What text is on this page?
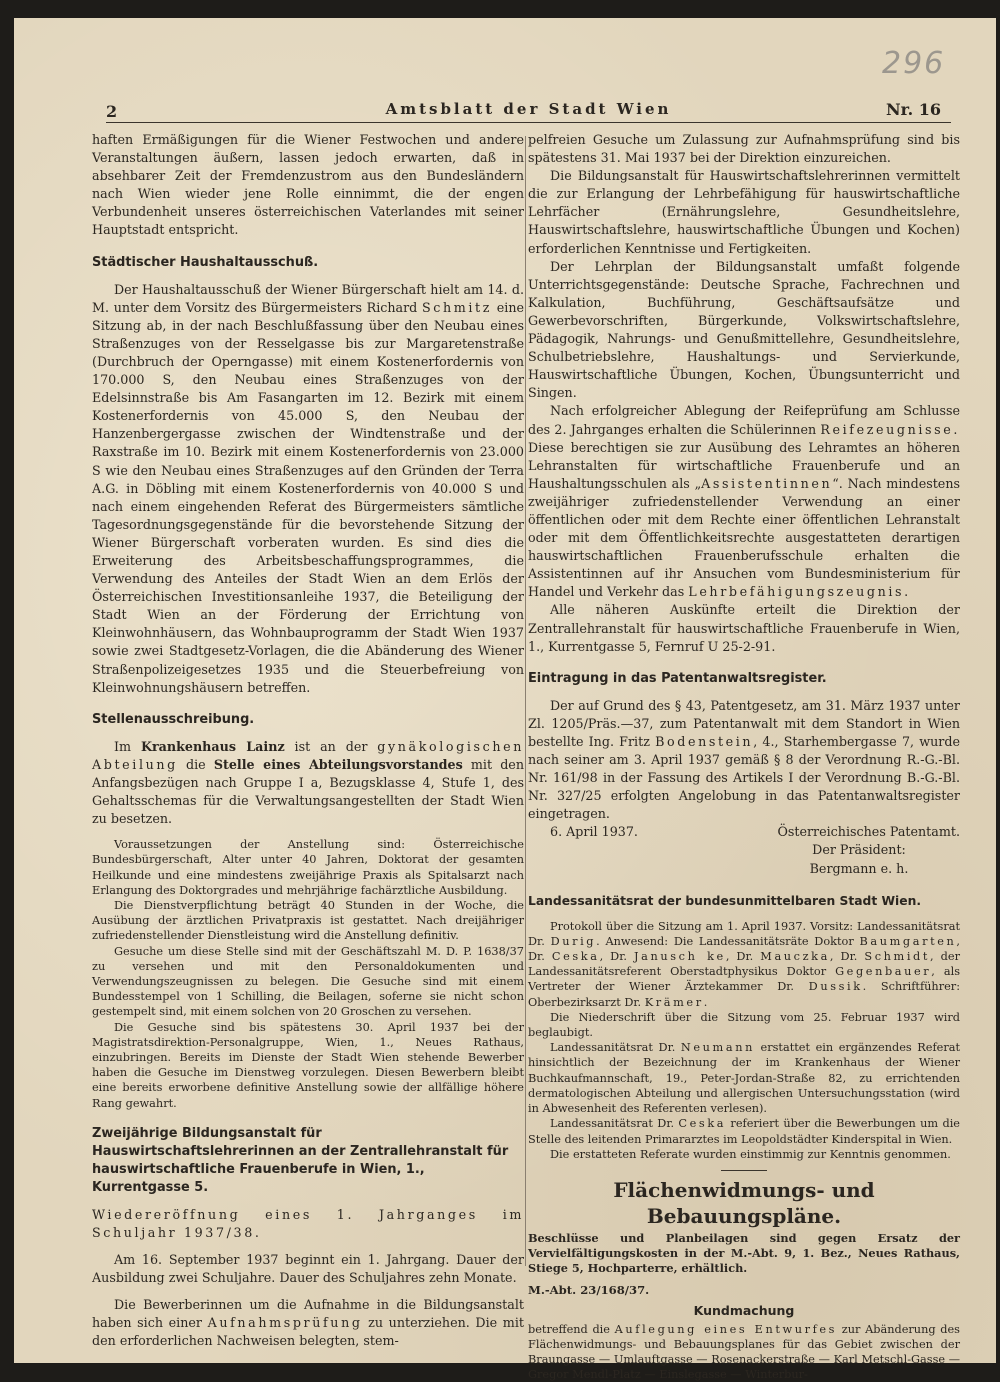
296
2	Amtsblatt der Stadt Wien	Nr. 16

haften Ermäßigungen für die Wiener Festwochen und andere Veranstaltungen äußern, lassen jedoch erwarten, daß in absehbarer Zeit der Fremdenzustrom aus den Bundesländern nach Wien wieder jene Rolle einnimmt, die der engen Verbundenheit unseres österreichischen Vaterlandes mit seiner Hauptstadt entspricht.

Städtischer Haushaltausschuß.

Der Haushaltausschuß der Wiener Bürgerschaft hielt am 14. d. M. unter dem Vorsitz des Bürgermeisters Richard Schmitz eine Sitzung ab, in der nach Beschlußfassung über den Neubau eines Straßenzuges von der Resselgasse bis zur Margaretenstraße (Durchbruch der Operngasse) mit einem Kostenerfordernis von 170.000 S, den Neubau eines Straßenzuges von der Edelsinnstraße bis Am Fasangarten im 12. Bezirk mit einem Kostenerfordernis von 45.000 S, den Neubau der Hanzenbergergasse zwischen der Windtenstraße und der Raxstraße im 10. Bezirk mit einem Kostenerfordernis von 23.000 S wie den Neubau eines Straßenzuges auf den Gründen der Terra A.G. in Döbling mit einem Kostenerfordernis von 40.000 S und nach einem eingehenden Referat des Bürgermeisters sämtliche Tagesordnungsgegenstände für die bevorstehende Sitzung der Wiener Bürgerschaft vorberaten wurden. Es sind dies die Erweiterung des Arbeitsbeschaffungsprogrammes, die Verwendung des Anteiles der Stadt Wien an dem Erlös der Österreichischen Investitionsanleihe 1937, die Beteiligung der Stadt Wien an der Förderung der Errichtung von Kleinwohnhäusern, das Wohnbauprogramm der Stadt Wien 1937 sowie zwei Stadtgesetz-Vorlagen, die die Abänderung des Wiener Straßenpolizeigesetzes 1935 und die Steuerbefreiung von Kleinwohnungshäusern betreffen.

Stellenausschreibung.

Im Krankenhaus Lainz ist an der gynäkologischen Abteilung die Stelle eines Abteilungsvorstandes mit den Anfangsbezügen nach Gruppe I a, Bezugsklasse 4, Stufe 1, des Gehaltsschemas für die Verwaltungsangestellten der Stadt Wien zu besetzen.

Voraussetzungen der Anstellung sind: Österreichische Bundesbürgerschaft, Alter unter 40 Jahren, Doktorat der gesamten Heilkunde und eine mindestens zweijährige Praxis als Spitalsarzt nach Erlangung des Doktorgrades und mehrjährige fachärztliche Ausbildung.

Die Dienstverpflichtung beträgt 40 Stunden in der Woche, die Ausübung der ärztlichen Privatpraxis ist gestattet. Nach dreijähriger zufriedenstellender Dienstleistung wird die Anstellung definitiv.

Gesuche um diese Stelle sind mit der Geschäftszahl M. D. P. 1638/37 zu versehen und mit den Personaldokumenten und Verwendungszeugnissen zu belegen. Die Gesuche sind mit einem Bundesstempel von 1 Schilling, die Beilagen, soferne sie nicht schon gestempelt sind, mit einem solchen von 20 Groschen zu versehen.

Die Gesuche sind bis spätestens 30. April 1937 bei der Magistratsdirektion-Personalgruppe, Wien, 1., Neues Rathaus, einzubringen. Bereits im Dienste der Stadt Wien stehende Bewerber haben die Gesuche im Dienstweg vorzulegen. Diesen Bewerbern bleibt eine bereits erworbene definitive Anstellung sowie der allfällige höhere Rang gewahrt.

Zweijährige Bildungsanstalt für Hauswirtschaftslehrerinnen an der Zentrallehranstalt für hauswirtschaftliche Frauenberufe in Wien, 1., Kurrentgasse 5.

Wiedereröffnung eines 1. Jahrganges im Schuljahr 1937/38.

Am 16. September 1937 beginnt ein 1. Jahrgang. Dauer der Ausbildung zwei Schuljahre. Dauer des Schuljahres zehn Monate.

Die Bewerberinnen um die Aufnahme in die Bildungsanstalt haben sich einer Aufnahmsprüfung zu unterziehen. Die mit den erforderlichen Nachweisen belegten, stem-

pelfreien Gesuche um Zulassung zur Aufnahmsprüfung sind bis spätestens 31. Mai 1937 bei der Direktion einzureichen.

Die Bildungsanstalt für Hauswirtschaftslehrerinnen vermittelt die zur Erlangung der Lehrbefähigung für hauswirtschaftliche Lehrfächer (Ernährungslehre, Gesundheitslehre, Hauswirtschaftslehre, hauswirtschaftliche Übungen und Kochen) erforderlichen Kenntnisse und Fertigkeiten.

Der Lehrplan der Bildungsanstalt umfaßt folgende Unterrichtsgegenstände: Deutsche Sprache, Fachrechnen und Kalkulation, Buchführung, Geschäftsaufsätze und Gewerbevorschriften, Bürgerkunde, Volkswirtschaftslehre, Pädagogik, Nahrungs- und Genußmittellehre, Gesundheitslehre, Schulbetriebslehre, Haushaltungs- und Servierkunde, Hauswirtschaftliche Übungen, Kochen, Übungsunterricht und Singen.

Nach erfolgreicher Ablegung der Reifeprüfung am Schlusse des 2. Jahrganges erhalten die Schülerinnen Reifezeugnisse. Diese berechtigen sie zur Ausübung des Lehramtes an höheren Lehranstalten für wirtschaftliche Frauenberufe und an Haushaltungsschulen als „Assistentinnen“. Nach mindestens zweijähriger zufriedenstellender Verwendung an einer öffentlichen oder mit dem Rechte einer öffentlichen Lehranstalt oder mit dem Öffentlichkeitsrechte ausgestatteten derartigen hauswirtschaftlichen Frauenberufsschule erhalten die Assistentinnen auf ihr Ansuchen vom Bundesministerium für Handel und Verkehr das Lehrbefähigungszeugnis.

Alle näheren Auskünfte erteilt die Direktion der Zentrallehranstalt für hauswirtschaftliche Frauenberufe in Wien, 1., Kurrentgasse 5, Fernruf U 25-2-91.

Eintragung in das Patentanwaltsregister.

Der auf Grund des § 43, Patentgesetz, am 31. März 1937 unter Zl. 1205/Präs.—37, zum Patentanwalt mit dem Standort in Wien bestellte Ing. Fritz Bodenstein, 4., Starhembergasse 7, wurde nach seiner am 3. April 1937 gemäß § 8 der Verordnung R.-G.-Bl. Nr. 161/98 in der Fassung des Artikels I der Verordnung B.-G.-Bl. Nr. 327/25 erfolgten Angelobung in das Patentanwaltsregister eingetragen.

6. April 1937.	Österreichisches Patentamt.
Der Präsident:
Bergmann e. h.
Landessanitätsrat der bundesunmittelbaren Stadt Wien.

Protokoll über die Sitzung am 1. April 1937. Vorsitz: Landessanitätsrat Dr. Durig. Anwesend: Die Landessanitätsräte Doktor Baumgarten, Dr. Ceska, Dr. Janusch ke, Dr. Mauczka, Dr. Schmidt, der Landessanitätsreferent Oberstadtphysikus Doktor Gegenbauer, als Vertreter der Wiener Ärztekammer Dr. Dussik. Schriftführer: Oberbezirksarzt Dr. Krämer.

Die Niederschrift über die Sitzung vom 25. Februar 1937 wird beglaubigt.

Landessanitätsrat Dr. Neumann erstattet ein ergänzendes Referat hinsichtlich der Bezeichnung der im Krankenhaus der Wiener Buchkaufmannschaft, 19., Peter-Jordan-Straße 82, zu errichtenden dermatologischen Abteilung und allergischen Untersuchungsstation (wird in Abwesenheit des Referenten verlesen).

Landessanitätsrat Dr. Ceska referiert über die Bewerbungen um die Stelle des leitenden Primararztes im Leopoldstädter Kinderspital in Wien.

Die erstatteten Referate wurden einstimmig zur Kenntnis genommen.

Flächenwidmungs- und Bebauungspläne.

Beschlüsse und Planbeilagen sind gegen Ersatz der Vervielfältigungskosten in der M.-Abt. 9, 1. Bez., Neues Rathaus, Stiege 5, Hochparterre, erhältlich.

M.-Abt. 23/168/37.
Kundmachung

betreffend die Auflegung eines Entwurfes zur Abänderung des Flächenwidmungs- und Bebauungsplanes für das Gebiet zwischen der Braungasse — Umlauftgasse — Rosenackerstraße — Karl Metschl-Gasse — Gregor Mendl-Platz — Einslegasse — Winterbur-
